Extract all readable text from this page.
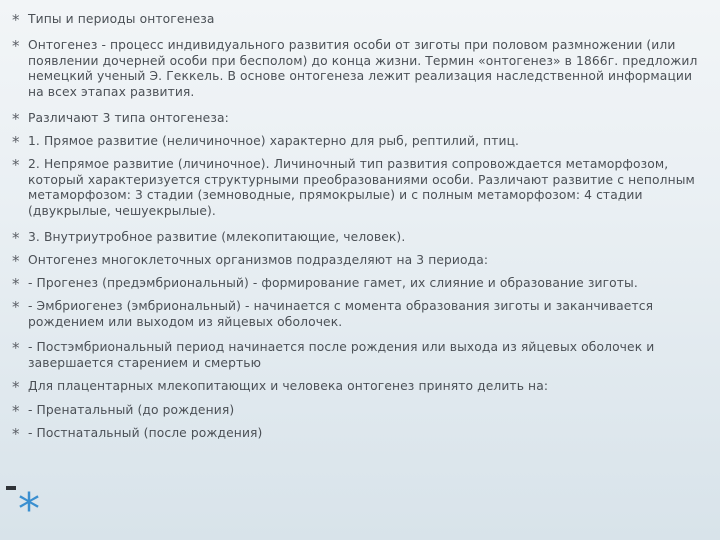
* Типы и периоды онтогенеза
* Онтогенез - процесс индивидуального развития особи от зиготы при половом размножении (или появлении дочерней особи при бесполом) до конца жизни. Термин «онтогенез» в 1866г. предложил немецкий ученый Э. Геккель. В основе онтогенеза лежит реализация наследственной информации на всех этапах развития.
* Различают 3 типа онтогенеза:
* 1. Прямое развитие (неличиночное) характерно для рыб, рептилий, птиц.
* 2. Непрямое развитие (личиночное). Личиночный тип развития сопровождается метаморфозом, который характеризуется структурными преобразованиями особи. Различают развитие с неполным метаморфозом: 3 стадии (земноводные, прямокрылые) и с полным метаморфозом: 4 стадии (двукрылые, чешуекрылые).
* 3. Внутриутробное развитие (млекопитающие, человек).
* Онтогенез многоклеточных организмов подразделяют на 3 периода:
* - Прогенез (предэмбриональный) - формирование гамет, их слияние и образование зиготы.
* - Эмбриогенез (эмбриональный) - начинается с момента образования зиготы и заканчивается рождением или выходом из яйцевых оболочек.
* - Постэмбриональный период начинается после рождения или выхода из яйцевых оболочек и завершается старением и смертью
* Для плацентарных млекопитающих и человека онтогенез принято делить на:
* - Пренатальный (до рождения)
* - Постнатальный (после рождения)
*
